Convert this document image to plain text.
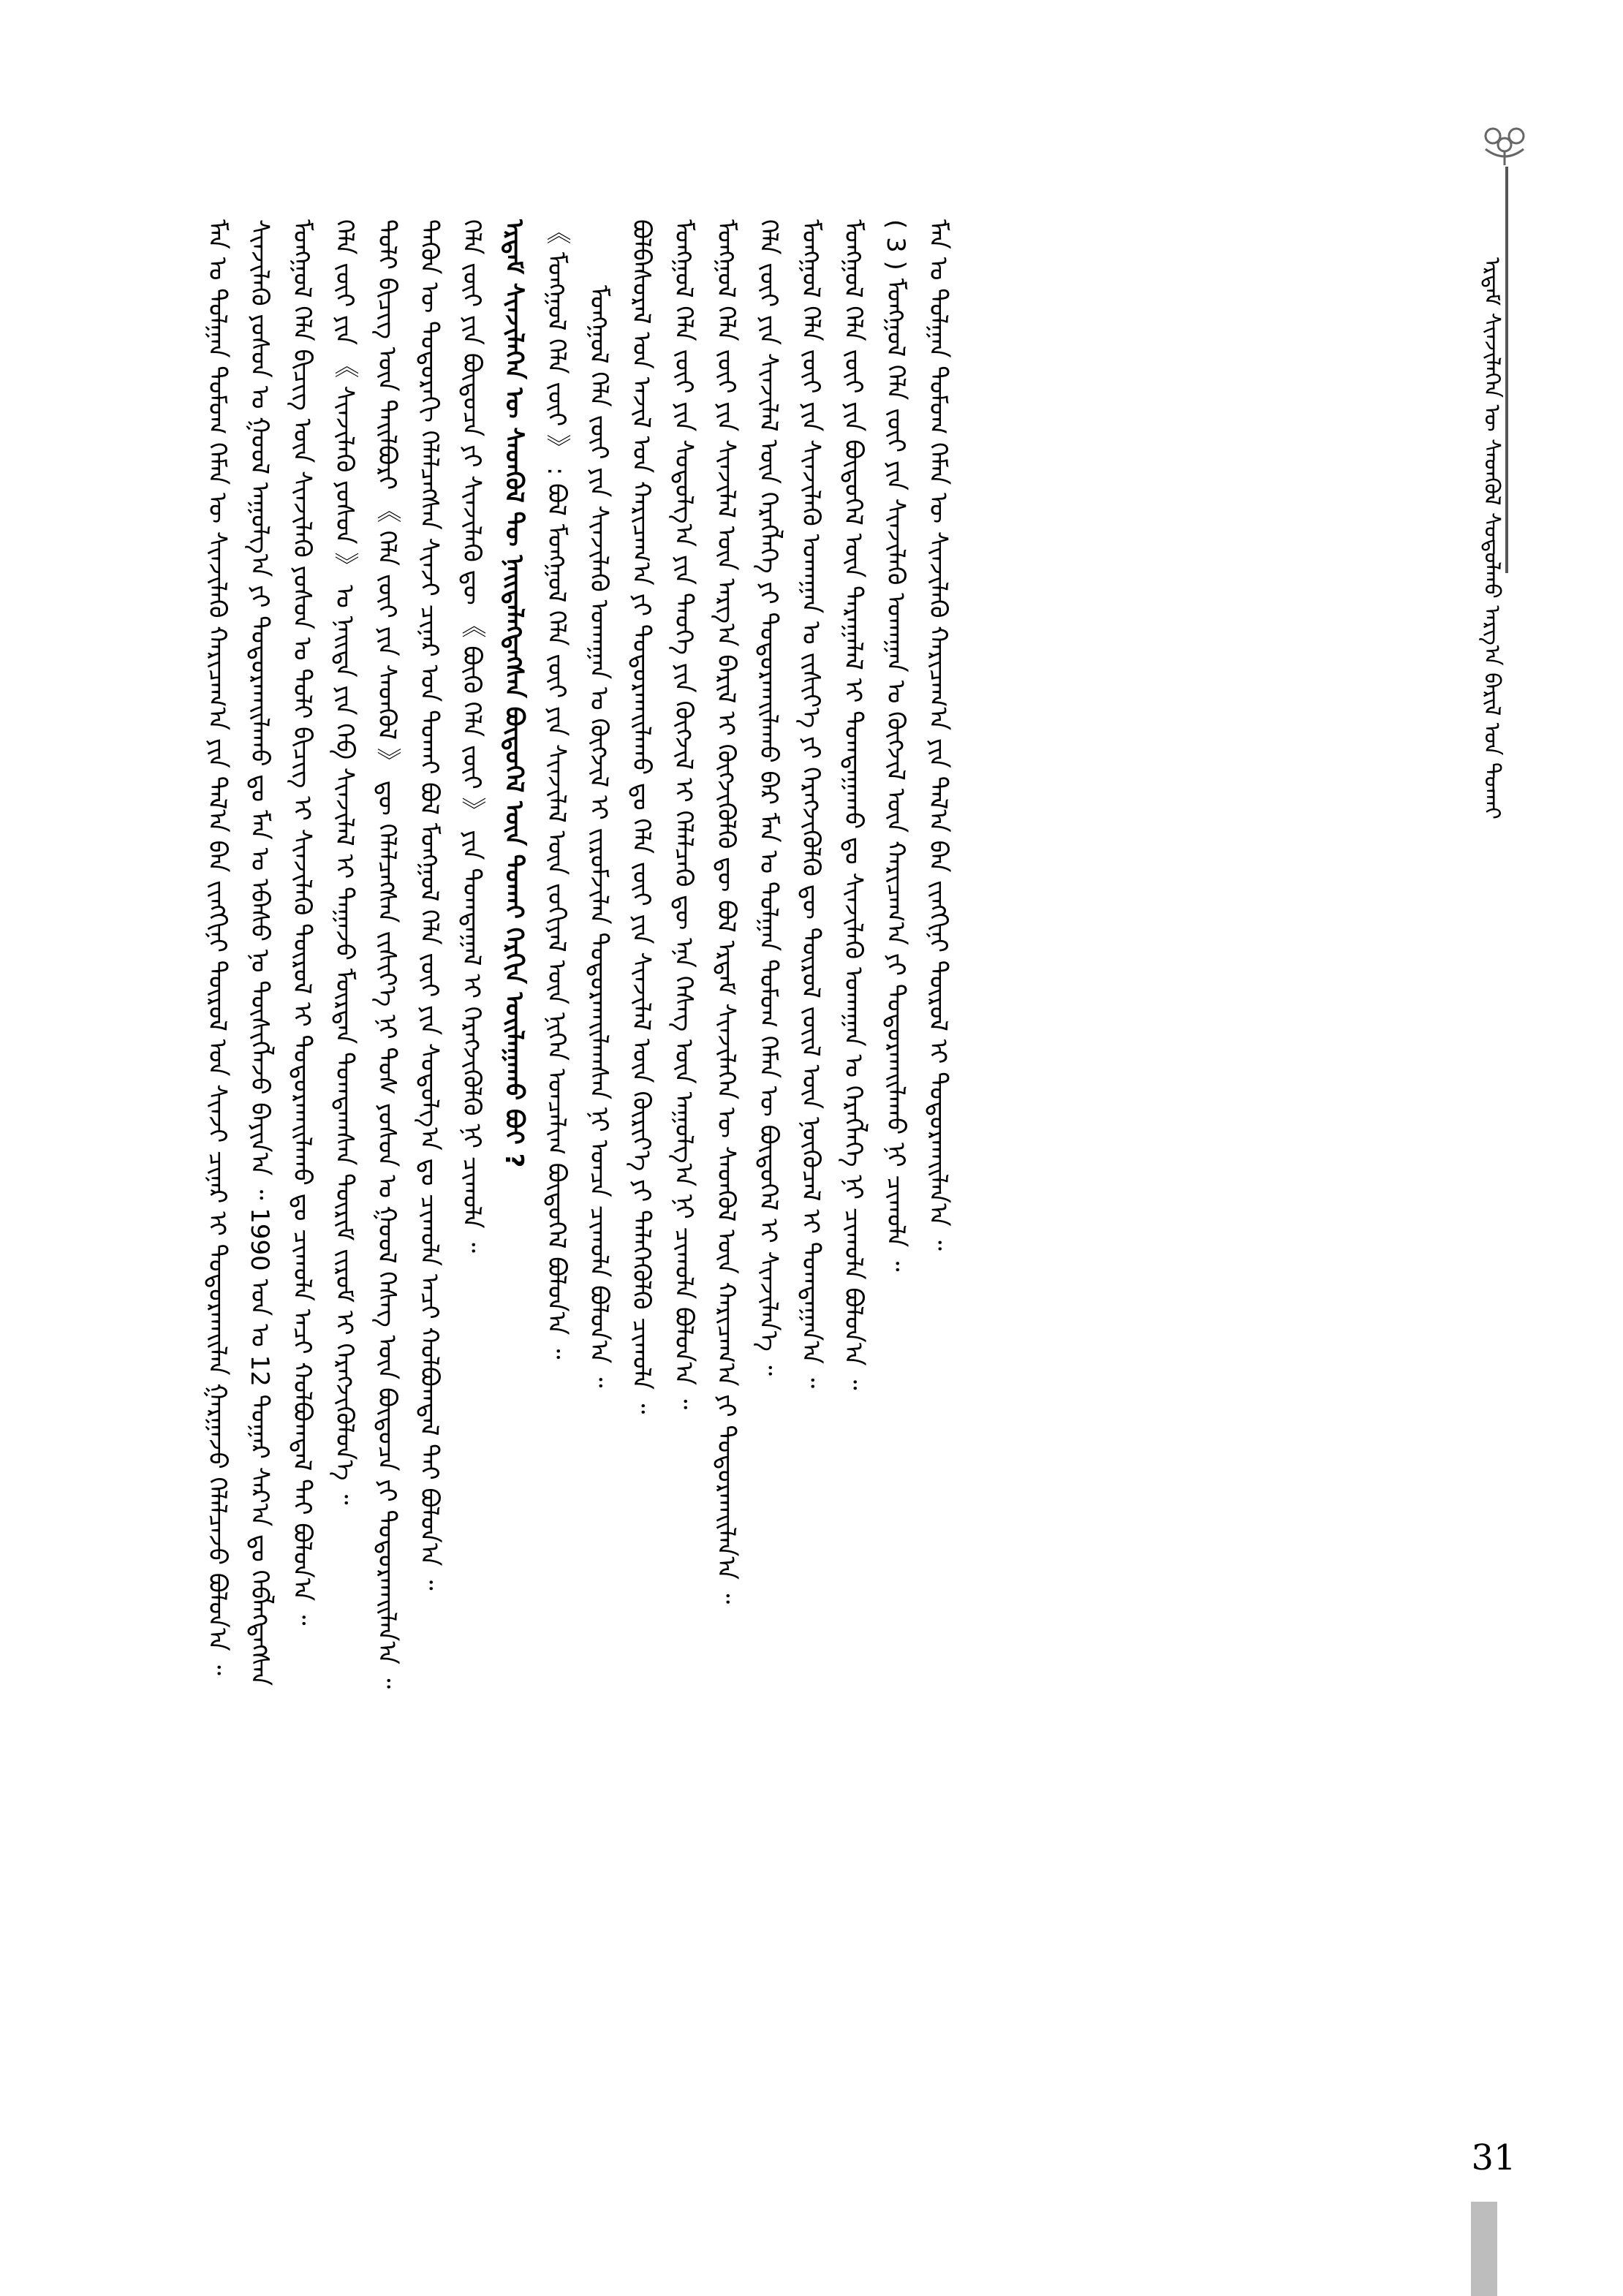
ᠡᠷᠳᠡᠮ ᠰᠢᠨᠵᠢᠯᠡᠭᠡᠨ ᠦ ᠰᠡᠳᠭᠦᠯ ᠰᠣᠳᠤᠯᠬᠤ ᠠᠷᠭ᠎ᠠ ᠪᠠᠷᠢᠯ ᠤᠨ ᠲᠤᠬᠠᠢ

ᠮᠠᠨ ᠤ ᠲᠤᠯᠭᠠᠨ ᠳᠣᠮᠣᠭ ᠬᠡᠮᠡᠨ ᠦ ᠰᠢᠨᠵᠢᠯᠡᠬᠦ ᠬᠠᠷᠢᠴᠠᠭ᠎ᠠ ᠶᠢᠨ ᠲᠠᠯ᠎ᠠ ᠪᠠᠨ ᠵᠢᠩᠬᠢᠨᠢ ᠲᠦᠷᠦᠯ ᠤᠨ ᠰᠢᠨᠵᠢ ᠴᠢᠨᠠᠷ ᠢ ᠲᠣᠳᠣᠷᠬᠠᠢᠯᠠᠨ ᠭᠠᠷᠭᠠᠵᠤ ᠬᠡᠯᠡᠯᠴᠡᠵᠦ ᠪᠣᠯᠤᠨ᠎ᠠ ᠃ ᠰᠢᠨᠵᠢᠯᠡᠬᠦ ᠶᠣᠰᠤᠨ ᠤ ᠭᠣᠣᠯ ᠠᠭᠤᠯᠭ᠎ᠠ ᠶᠢ ᠲᠣᠳᠣᠷᠬᠠᠢᠯᠠᠬᠤ ᠳᠤ ᠮᠠᠨ ᠤ ᠡᠪᠡᠰᠦ ᠨᠤ ᠲᠦᠰᠢᠭᠯᠡᠵᠦ ᠪᠠᠶᠢᠨ᠎ᠠ ᠃ 1990 ᠣᠨ ᠤ 12 ᠳᠤᠭᠠᠷ ᠰᠠᠷ᠎ᠠ ᠳᠤ ᠬᠡᠪᠯᠡᠭᠳᠡᠭᠰᠡᠨ ᠮᠣᠩᠭᠣᠯ ᠬᠡᠯᠡ ᠪᠢᠴᠢᠭ ᠦᠨ ᠰᠢᠨᠵᠢᠯᠡᠬᠦ ᠶᠣᠰᠤᠨ ᠤ ᠲᠣᠯᠢ ᠪᠢᠴᠢᠭ ᠢ ᠰᠢᠨᠵᠢᠯᠡᠬᠦ ᠲᠦᠷᠦᠯ ᠢ ᠲᠣᠳᠣᠷᠬᠠᠢᠯᠠᠬᠤ ᠳᠤ ᠴᠢᠬᠤᠯᠠ ᠠᠴᠢ ᠬᠣᠯᠪᠣᠭᠳᠠᠯ ᠲᠠᠢ ᠪᠣᠯᠤᠨ᠎ᠠ ᠃ ᠬᠡᠯᠡ ᠵᠦᠢ ᠶᠢᠨ 《 ᠰᠢᠨᠵᠢᠯᠡᠬᠦ ᠶᠣᠰᠤᠨ 》 ᠤ ᠨᠡᠢᠲᠡ ᠶᠢᠨ ᠬᠡᠪ ᠰᠢᠨᠵᠢᠯᠡᠯ ᠢ ᠳᠠᠭᠠᠵᠤ ᠮᠥᠷᠳᠡᠨ ᠲᠣᠭᠲᠠᠭᠰᠠᠨ ᠳᠦᠷᠢᠮ ᠵᠢᠷᠤᠮ ᠢ ᠬᠡᠷᠡᠭᠵᠢᠭᠦᠯᠦᠨ᠎ᠡ ᠃ ᠲᠣᠯᠢ ᠪᠢᠴᠢᠭ ᠦᠨ ᠲᠠᠢᠯᠪᠤᠷᠢ 《 ᠬᠡᠯᠡ ᠵᠦᠢ ᠶᠢᠨ ᠰᠡᠳᠬᠦᠯ 》 ᠳᠦ ᠬᠡᠯᠡᠯᠴᠡᠭᠰᠡᠨ ᠵᠢᠱᠢᠶ᠎ᠡ ᠨᠢ ᠲᠤᠰ ᠶᠣᠰᠤᠨ ᠤ ᠭᠣᠣᠯ ᠬᠡᠰᠡᠭ ᠦᠨ ᠪᠦᠲᠦᠴᠡ ᠶᠢ ᠲᠣᠳᠣᠷᠬᠠᠢᠯᠠᠨ᠎ᠠ ᠃ ᠲᠡᠭᠦᠨ ᠦ ᠳᠣᠲᠣᠷᠠᠬᠢ ᠬᠡᠯᠡᠯᠴᠡᠭᠰᠡᠨ ᠰᠢᠨᠵᠢ ᠴᠢᠨᠠᠷ ᠤᠨ ᠲᠤᠬᠠᠢ ᠪᠣᠯ ᠮᠣᠩᠭᠣᠯ ᠬᠡᠯᠡ ᠵᠦᠢ ᠶᠢᠨ ᠰᠤᠳᠤᠯᠭ᠎ᠠ ᠳᠤ ᠴᠢᠬᠤᠯᠠ ᠠᠴᠢ ᠬᠣᠯᠪᠣᠭᠳᠠᠯ ᠲᠠᠢ ᠪᠣᠯᠤᠨ᠎ᠠ ᠃ ᠬᠡᠯᠡ ᠵᠦᠢ ᠶᠢᠨ ᠪᠦᠲᠦᠴᠡ ᠶᠢ ᠰᠢᠨᠵᠢᠯᠡᠬᠦ ᠳᠦ 《 ᠪᠦᠬᠦ ᠬᠡᠯᠡ ᠵᠦᠢ 》 ᠶᠢᠨ ᠲᠣᠭᠲᠠᠭᠠᠯ ᠢ ᠬᠡᠷᠡᠭᠵᠢᠭᠦᠯᠬᠦ ᠨᠢ ᠴᠢᠬᠤᠯᠠ ᠃ ᠡᠷᠳᠡᠮ ᠰᠢᠨᠵᠢᠯᠡᠭᠡᠨ ᠦ ᠰᠡᠳᠭᠦᠯ ᠲᠦ ᠨᠡᠢᠲᠡᠯᠡᠭᠳᠡᠭᠰᠡᠨ ᠪᠦᠲᠦᠭᠡᠯ ᠦᠨ ᠲᠤᠬᠠᠢ ᠬᠡᠷᠬᠢᠨ ᠣᠢᠯᠠᠭᠠᠬᠤ ᠪᠤᠢ ? 《 ᠮᠣᠩᠭᠣᠯ ᠬᠡᠯᠡ ᠵᠦᠢ 》 : ᠪᠣᠯ ᠮᠣᠩᠭᠣᠯ ᠬᠡᠯᠡ ᠵᠦᠢ ᠶᠢᠨ ᠰᠢᠨᠵᠢᠯᠡᠯ ᠦᠨ ᠵᠣᠬᠢᠶᠠᠯ ᠦᠨ ᠨᠢᠭᠡᠨ ᠣᠨᠴᠠᠯᠢᠭ ᠪᠦᠲᠦᠭᠡᠯ ᠪᠣᠯᠤᠨ᠎ᠠ ᠃ ᠮᠣᠩᠭᠣᠯ ᠬᠡᠯᠡ ᠵᠦᠢ ᠶᠢᠨ ᠰᠢᠨᠵᠢᠯᠡᠬᠦ ᠤᠬᠠᠭᠠᠨ ᠤ ᠬᠥᠭᠵᠢᠯ ᠢ ᠵᠢᠷᠤᠮᠵᠢᠯᠠᠨ ᠲᠣᠳᠣᠷᠬᠠᠢᠯᠠᠭᠰᠠᠨ ᠨᠢ ᠣᠨᠴᠠ ᠴᠢᠬᠤᠯᠠ ᠪᠣᠯᠤᠨ᠎ᠠ ᠃ ᠪᠣᠯᠪᠠᠰᠤᠷᠠᠯ ᠤᠨ ᠠᠵᠢᠯ ᠤᠨ ᠬᠠᠷᠢᠴᠠᠭ᠎ᠠ ᠶᠢ ᠲᠣᠳᠣᠷᠬᠠᠢᠯᠠᠬᠤ ᠳᠤ ᠬᠡᠯᠡ ᠵᠦᠢ ᠶᠢᠨ ᠰᠢᠨᠵᠢᠯᠡᠯ ᠦᠨ ᠬᠦᠷᠢᠶ᠎ᠡ ᠶᠢ ᠲᠡᠯᠡᠭᠡᠭᠦᠯᠬᠦ ᠴᠢᠬᠤᠯᠠ ᠃ ᠮᠣᠩᠭᠣᠯ ᠬᠡᠯᠡ ᠵᠦᠢ ᠶᠢᠨ ᠰᠤᠳᠤᠯᠭ᠎ᠠ ᠶᠢᠨ ᠲᠡᠦᠬᠡ ᠶᠢᠨ ᠬᠥᠭᠵᠢᠯ ᠢ ᠬᠡᠯᠡᠯᠴᠡᠬᠦ ᠳᠦ ᠡᠨᠡ ᠬᠡᠰᠡᠭ ᠦᠨ ᠠᠭᠤᠯᠭ᠎ᠠ ᠨᠢ ᠴᠢᠬᠤᠯᠠ ᠪᠣᠯᠤᠨ᠎ᠠ ᠃ ᠮᠣᠩᠭᠣᠯ ᠬᠡᠯᠡ ᠵᠦᠢ ᠶᠢᠨ ᠰᠢᠨᠵᠢᠯᠡᠯ ᠦᠨ ᠠᠷᠭ᠎ᠠ ᠪᠠᠷᠢᠯ ᠢ ᠬᠥᠭᠵᠢᠭᠦᠯᠬᠦ ᠳᠦ ᠪᠣᠯ ᠡᠷᠳᠡᠮ ᠰᠢᠨᠵᠢᠯᠡᠭᠡᠨ ᠦ ᠰᠡᠳᠭᠦᠯ ᠦᠨ ᠬᠠᠷᠢᠴᠠᠭ᠎ᠠ ᠶᠢ ᠲᠣᠳᠣᠷᠬᠠᠢᠯᠠᠨ᠎ᠠ ᠃ ᠬᠡᠯᠡ ᠵᠦᠢ ᠶᠢᠨ ᠰᠢᠨᠵᠢᠯᠡᠯ ᠦᠨ ᠬᠡᠷᠡᠭᠯᠡᠭᠡ ᠶᠢ ᠲᠣᠳᠣᠷᠬᠠᠢᠯᠠᠬᠤ ᠪᠠᠷ ᠮᠠᠨ ᠤ ᠲᠤᠯᠭᠠᠨ ᠳᠣᠮᠣᠭ ᠬᠡᠮᠡᠨ ᠦ ᠪᠦᠲᠦᠭᠡᠯ ᠢ ᠰᠢᠨᠵᠢᠯᠡᠨ᠎ᠡ ᠃ ᠮᠣᠩᠭᠣᠯ ᠬᠡᠯᠡ ᠵᠦᠢ ᠶᠢᠨ ᠰᠢᠨᠵᠢᠯᠡᠬᠦ ᠤᠬᠠᠭᠠᠨ ᠤ ᠵᠢᠱᠢᠶ᠎ᠡ ᠶᠢ ᠬᠡᠷᠡᠭᠵᠢᠭᠦᠯᠬᠦ ᠳᠦ ᠲᠦᠷᠦᠯ ᠵᠦᠢᠯ ᠦᠨ ᠨᠥᠬᠦᠴᠡᠯ ᠢ ᠲᠣᠭᠲᠠᠭᠠᠨ᠎ᠠ ᠃ ᠮᠣᠩᠭᠣᠯ ᠬᠡᠯᠡ ᠵᠦᠢ ᠶᠢᠨ ᠪᠦᠲᠦᠭᠡᠯ ᠦᠨ ᠳᠠᠷᠠᠭᠠᠯᠠᠯ ᠢ ᠲᠣᠭᠲᠠᠭᠠᠬᠤ ᠳᠤ ᠰᠢᠨᠵᠢᠯᠡᠬᠦ ᠤᠬᠠᠭᠠᠨ ᠤ ᠬᠡᠷᠡᠭᠯᠡᠭᠡ ᠨᠢ ᠴᠢᠬᠤᠯᠠ ᠪᠣᠯᠤᠨ᠎ᠠ ᠃ ( 3 ) ᠮᠣᠩᠭᠣᠯ ᠬᠡᠯᠡ ᠵᠦᠢ ᠶᠢᠨ ᠰᠢᠨᠵᠢᠯᠡᠬᠦ ᠤᠬᠠᠭᠠᠨ ᠤ ᠬᠥᠭᠵᠢᠯ ᠦᠨ ᠬᠠᠷᠢᠴᠠᠭ᠎ᠠ ᠶᠢ ᠲᠣᠳᠣᠷᠬᠠᠢᠯᠠᠬᠤ ᠨᠢ ᠴᠢᠬᠤᠯᠠ ᠃ ᠮᠠᠨ ᠤ ᠲᠤᠯᠭᠠᠨ ᠳᠣᠮᠣᠭ ᠬᠡᠮᠡᠨ ᠦ ᠰᠢᠨᠵᠢᠯᠡᠬᠦ ᠬᠠᠷᠢᠴᠠᠭ᠎ᠠ ᠶᠢᠨ ᠲᠠᠯ᠎ᠠ ᠪᠠᠨ ᠵᠢᠩᠬᠢᠨᠢ ᠲᠦᠷᠦᠯ ᠢ ᠲᠣᠳᠣᠷᠬᠠᠢᠯᠠᠨ᠎ᠠ ᠃

31
